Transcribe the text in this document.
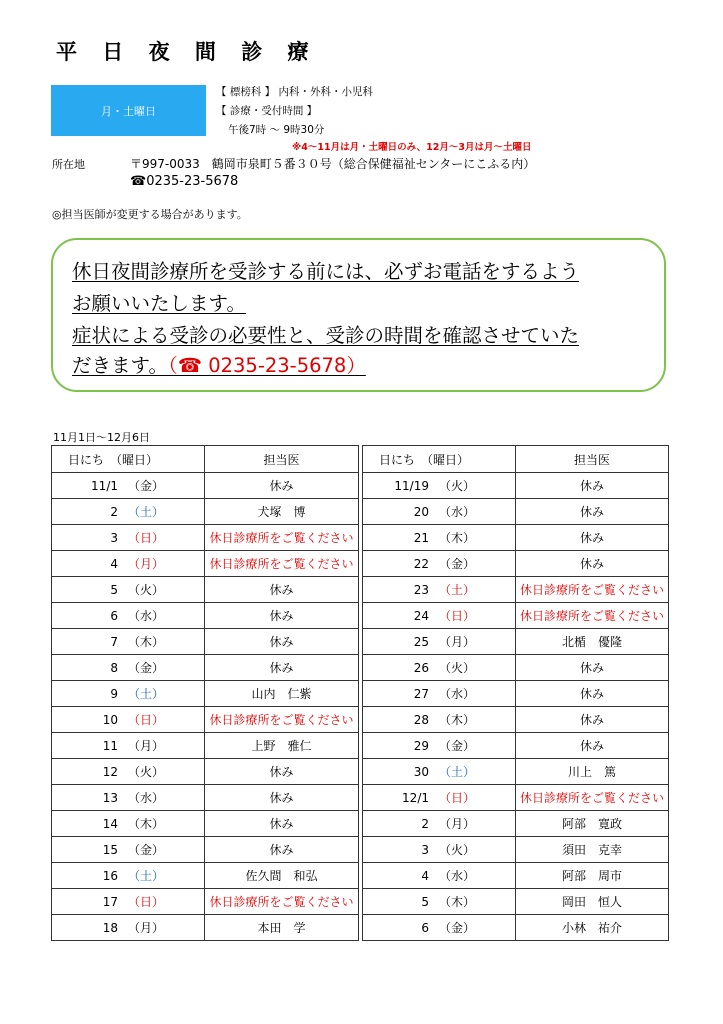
平 日 夜 間 診 療
月・土曜日
【 標榜科 】 内科・外科・小児科
【 診療・受付時間 】
午後7時 ～ 9時30分
※4～11月は月・土曜日のみ、12月～3月は月～土曜日
所在地	〒997-0033　鶴岡市泉町５番３０号（総合保健福祉センターにこふる内）
☎0235-23-5678
◎担当医師が変更する場合があります。
休日夜間診療所を受診する前には、必ずお電話をするよう
お願いいたします。
症状による受診の必要性と、受診の時間を確認させていた
だきます。（☎ 0235-23-5678）
11月1日～12月6日
日にち　（曜日）	担当医		日にち　（曜日）	担当医
11/1 （金）	休み		11/19 （火）	休み
2 （土）	犬塚　博		20 （水）	休み
3 （日）	休日診療所をご覧ください		21 （木）	休み
4 （月）	休日診療所をご覧ください		22 （金）	休み
5 （火）	休み		23 （土）	休日診療所をご覧ください
6 （水）	休み		24 （日）	休日診療所をご覧ください
7 （木）	休み		25 （月）	北楯　優隆
8 （金）	休み		26 （火）	休み
9 （土）	山内　仁紫		27 （水）	休み
10 （日）	休日診療所をご覧ください		28 （木）	休み
11 （月）	上野　雅仁		29 （金）	休み
12 （火）	休み		30 （土）	川上　篤
13 （水）	休み		12/1 （日）	休日診療所をご覧ください
14 （木）	休み		2 （月）	阿部　寛政
15 （金）	休み		3 （火）	須田　克幸
16 （土）	佐久間　和弘		4 （水）	阿部　周市
17 （日）	休日診療所をご覧ください		5 （木）	岡田　恒人
18 （月）	本田　学		6 （金）	小林　祐介
